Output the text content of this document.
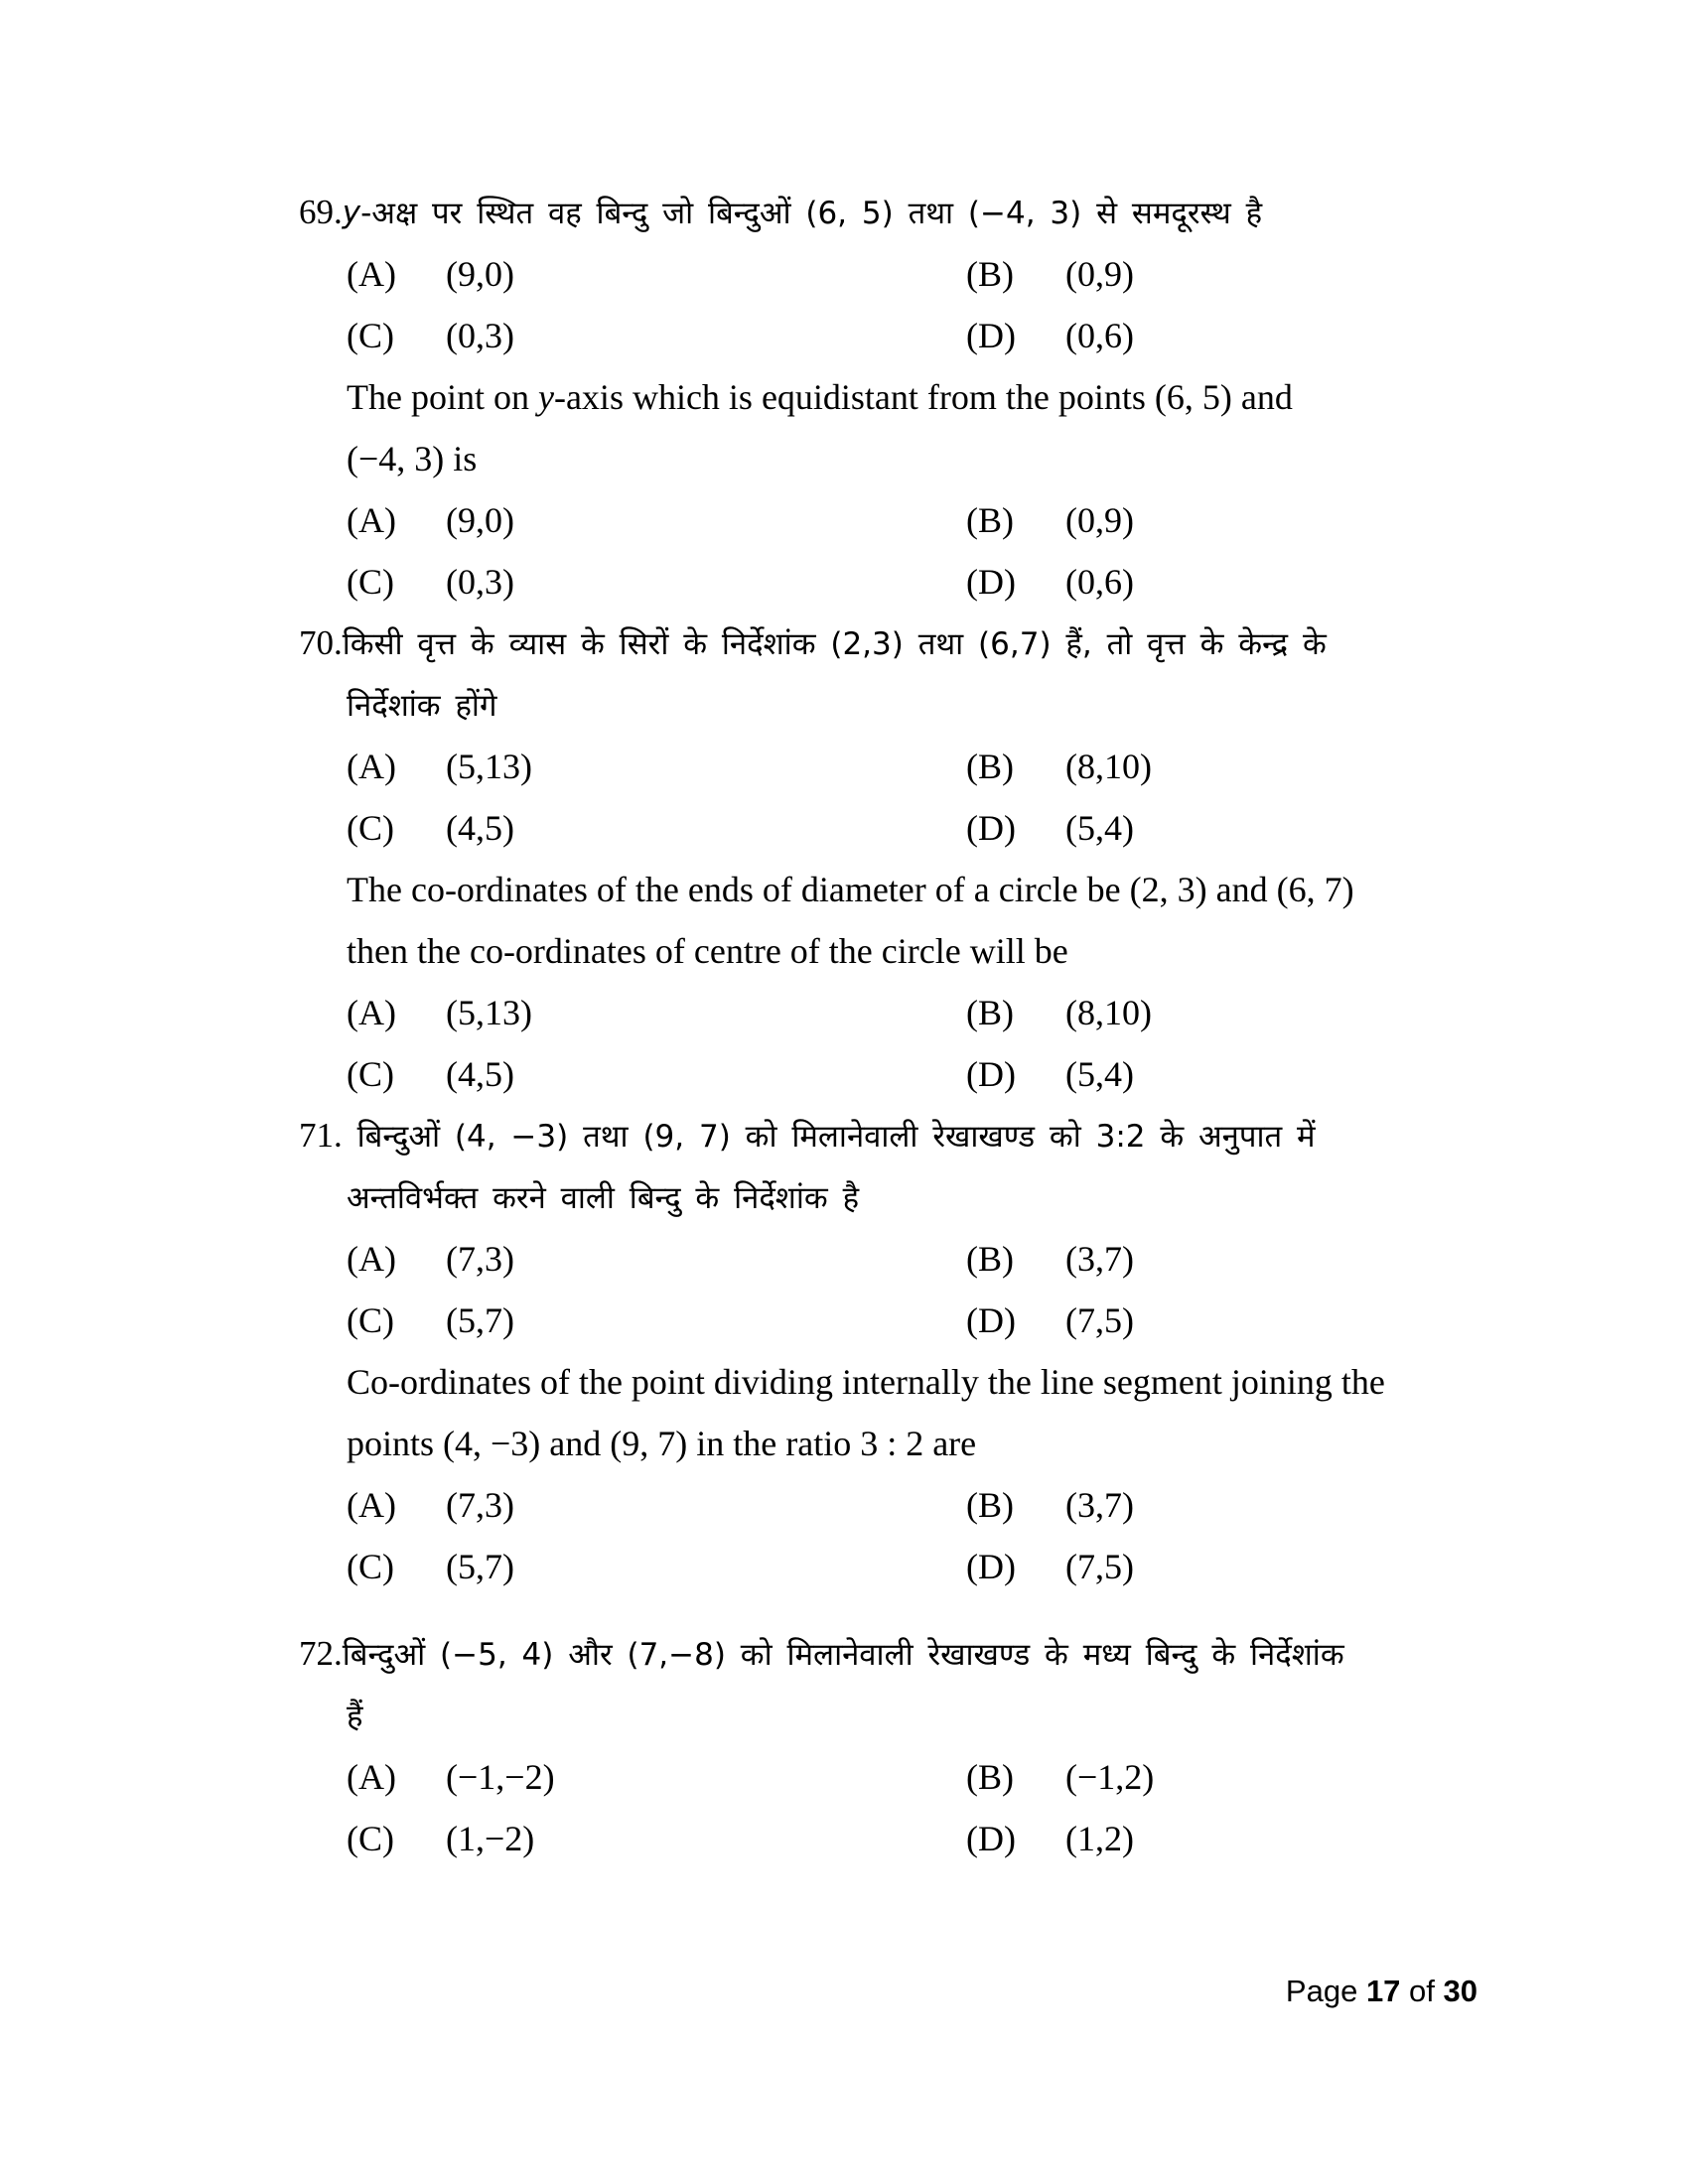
69. y -अक्ष पर स्थित वह बिन्दु जो बिन्दुओं (6, 5) तथा (−4, 3) से समदूरस्थ है
(A)	(9,0)	(B)	(0,9)
(C)	(0,3)	(D)	(0,6)
The point on y -axis which is equidistant from the points (6, 5) and
(−4, 3) is
(A)	(9,0)	(B)	(0,9)
(C)	(0,3)	(D)	(0,6)
70. किसी वृत्त के व्यास के सिरों के निर्देशांक (2,3) तथा (6,7) हैं, तो वृत्त के केन्द्र के
निर्देशांक होंगे
(A)	(5,13)	(B)	(8,10)
(C)	(4,5)	(D)	(5,4)
The co-ordinates of the ends of diameter of a circle be (2, 3) and (6, 7)
then the co-ordinates of centre of the circle will be
(A)	(5,13)	(B)	(8,10)
(C)	(4,5)	(D)	(5,4)
71. बिन्दुओं (4, −3) तथा (9, 7) को मिलानेवाली रेखाखण्ड को 3:2 के अनुपात में
अन्तविर्भक्त करने वाली बिन्दु के निर्देशांक है
(A)	(7,3)	(B)	(3,7)
(C)	(5,7)	(D)	(7,5)
Co-ordinates of the point dividing internally the line segment joining the
points (4, −3) and (9, 7) in the ratio 3 : 2 are
(A)	(7,3)	(B)	(3,7)
(C)	(5,7)	(D)	(7,5)
72. बिन्दुओं (−5, 4) और (7,−8) को मिलानेवाली रेखाखण्ड के मध्य बिन्दु के निर्देशांक
हैं
(A)	(−1,−2)	(B)	(−1,2)
(C)	(1,−2)	(D)	(1,2)
Page 17 of 30
